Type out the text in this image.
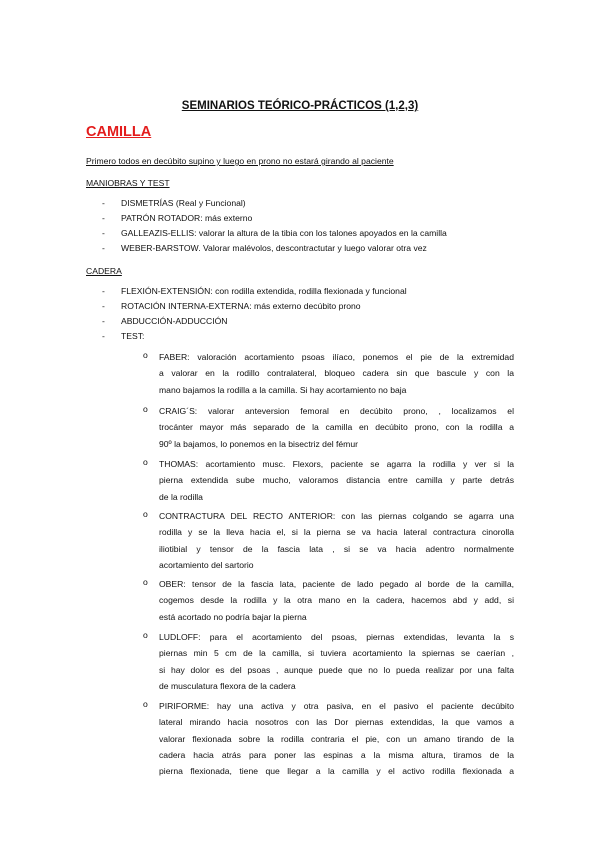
SEMINARIOS TEÓRICO-PRÁCTICOS (1,2,3)
CAMILLA
Primero todos en decúbito supino y luego en prono no estará girando al paciente
MANIOBRAS Y TEST
- DISMETRÍAS (Real y Funcional)
- PATRÓN ROTADOR: más externo
- GALLEAZIS-ELLIS: valorar la altura de la tibia con los talones apoyados en la camilla
- WEBER-BARSTOW. Valorar malévolos, descontractutar y luego valorar otra vez
CADERA
- FLEXIÓN-EXTENSIÓN: con rodilla extendida, rodilla flexionada y funcional
- ROTACIÓN INTERNA-EXTERNA: más externo decúbito prono
- ABDUCCIÓN-ADDUCCIÓN
- TEST:
o FABER: valoración acortamiento psoas ilíaco, ponemos el pie de la extremidad
a valorar en la rodillo contralateral, bloqueo cadera sin que bascule y con la
mano bajamos la rodilla a la camilla. Si hay acortamiento no baja
o CRAIG´S: valorar anteversion femoral en decúbito prono, , localizamos el
trocánter mayor más separado de la camilla en decúbito prono, con la rodilla a
90º la bajamos, lo ponemos en la bisectriz del fémur
o THOMAS: acortamiento musc. Flexors, paciente se agarra la rodilla y ver si la
pierna extendida sube mucho, valoramos distancia entre camilla y parte detrás
de la rodilla
o CONTRACTURA DEL RECTO ANTERIOR: con las piernas colgando se agarra una
rodilla y se la lleva hacia el, si la pierna se va hacia lateral contractura cinorolla
iliotibial y tensor de la fascia lata , si se va hacia adentro normalmente
acortamiento del sartorio
o OBER: tensor de la fascia lata, paciente de lado pegado al borde de la camilla,
cogemos desde la rodilla y la otra mano en la cadera, hacemos abd y add, si
está acortado no podría bajar la pierna
o LUDLOFF: para el acortamiento del psoas, piernas extendidas, levanta la s
piernas min 5 cm de la camilla, si tuviera acortamiento la spiernas se caerían ,
si hay dolor es del psoas , aunque puede que no lo pueda realizar por una falta
de musculatura flexora de la cadera
o PIRIFORME: hay una activa y otra pasiva, en el pasivo el paciente decúbito
lateral mirando hacia nosotros con las Dor piernas extendidas, la que vamos a
valorar flexionada sobre la rodilla contraria el pie, con un amano tirando de la
cadera hacia atrás para poner las espinas a la misma altura, tiramos de la
pierna flexionada, tiene que llegar a la camilla y el activo rodilla flexionada a
